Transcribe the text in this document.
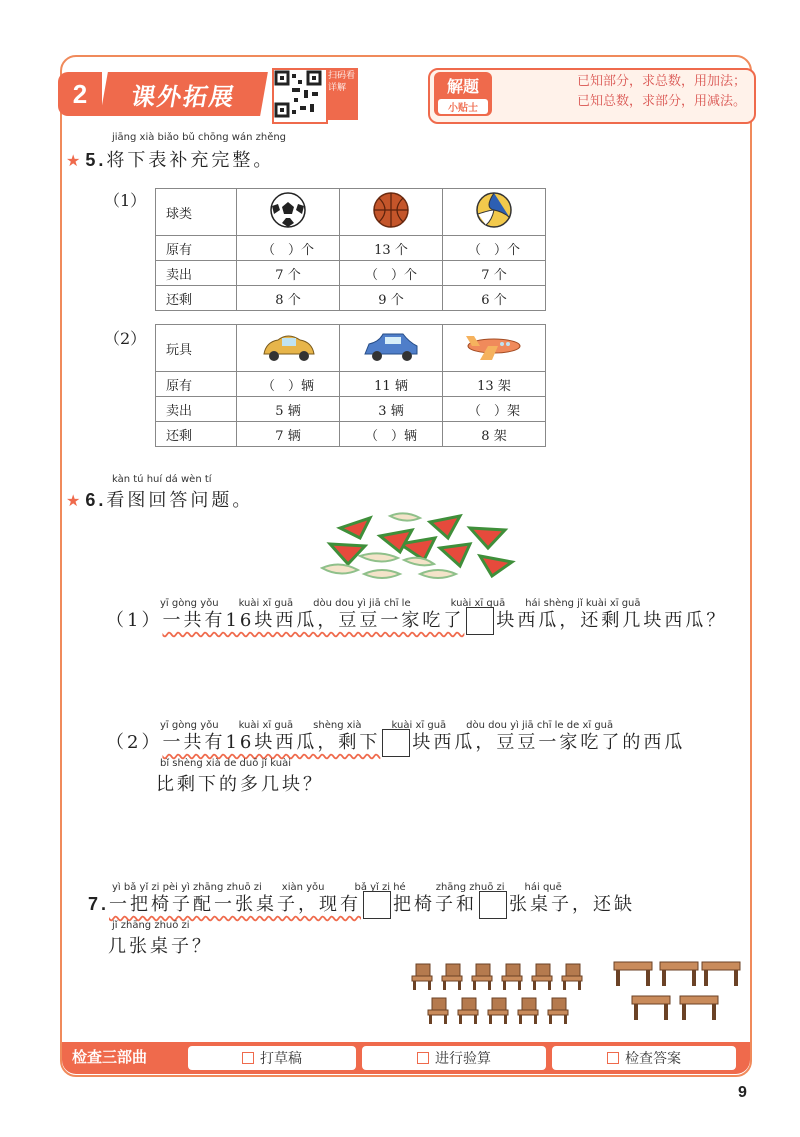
2	课外拓展
扫码看详解	解题
小贴士
已知部分，求总数，用加法；
已知总数，求部分，用减法。
jiāng xià biǎo bǔ chōng wán zhěng
★ 5.将下表补充完整。
（1）
球类			
原有	（　）个	13 个	（　）个
卖出	7 个	（　）个	7 个
还剩	8 个	9 个	6 个
（2）
玩具			
原有	（　）辆	11 辆	13 架
卖出	5 辆	3 辆	（　）架
还剩	7 辆	（　）辆	8 架
kàn tú huí dá wèn tí
★ 6.看图回答问题。
yī gòng yǒu　　kuài xī guā　　dòu dou yì jiā chī le　　　　kuài xī guā　　hái shèng jǐ kuài xī guā
（1）一共有16块西瓜，豆豆一家吃了 块西瓜，还剩几块西瓜？
yī gòng yǒu　　kuài xī guā　　shèng xià　　　kuài xī guā　　dòu dou yì jiā chī le de xī guā
（2）一共有16块西瓜，剩下 块西瓜，豆豆一家吃了的西瓜
bǐ shèng xià de duō jǐ kuài
比剩下的多几块？
yì bǎ yǐ zi pèi yì zhāng zhuō zi　　xiàn yǒu　　　bǎ yǐ zi hé　　　zhāng zhuō zi　　hái quē
7.一把椅子配一张桌子，现有 把椅子和 张桌子，还缺
jǐ zhāng zhuō zi
几张桌子？
检查三部曲	打草稿	进行验算	检查答案
9
